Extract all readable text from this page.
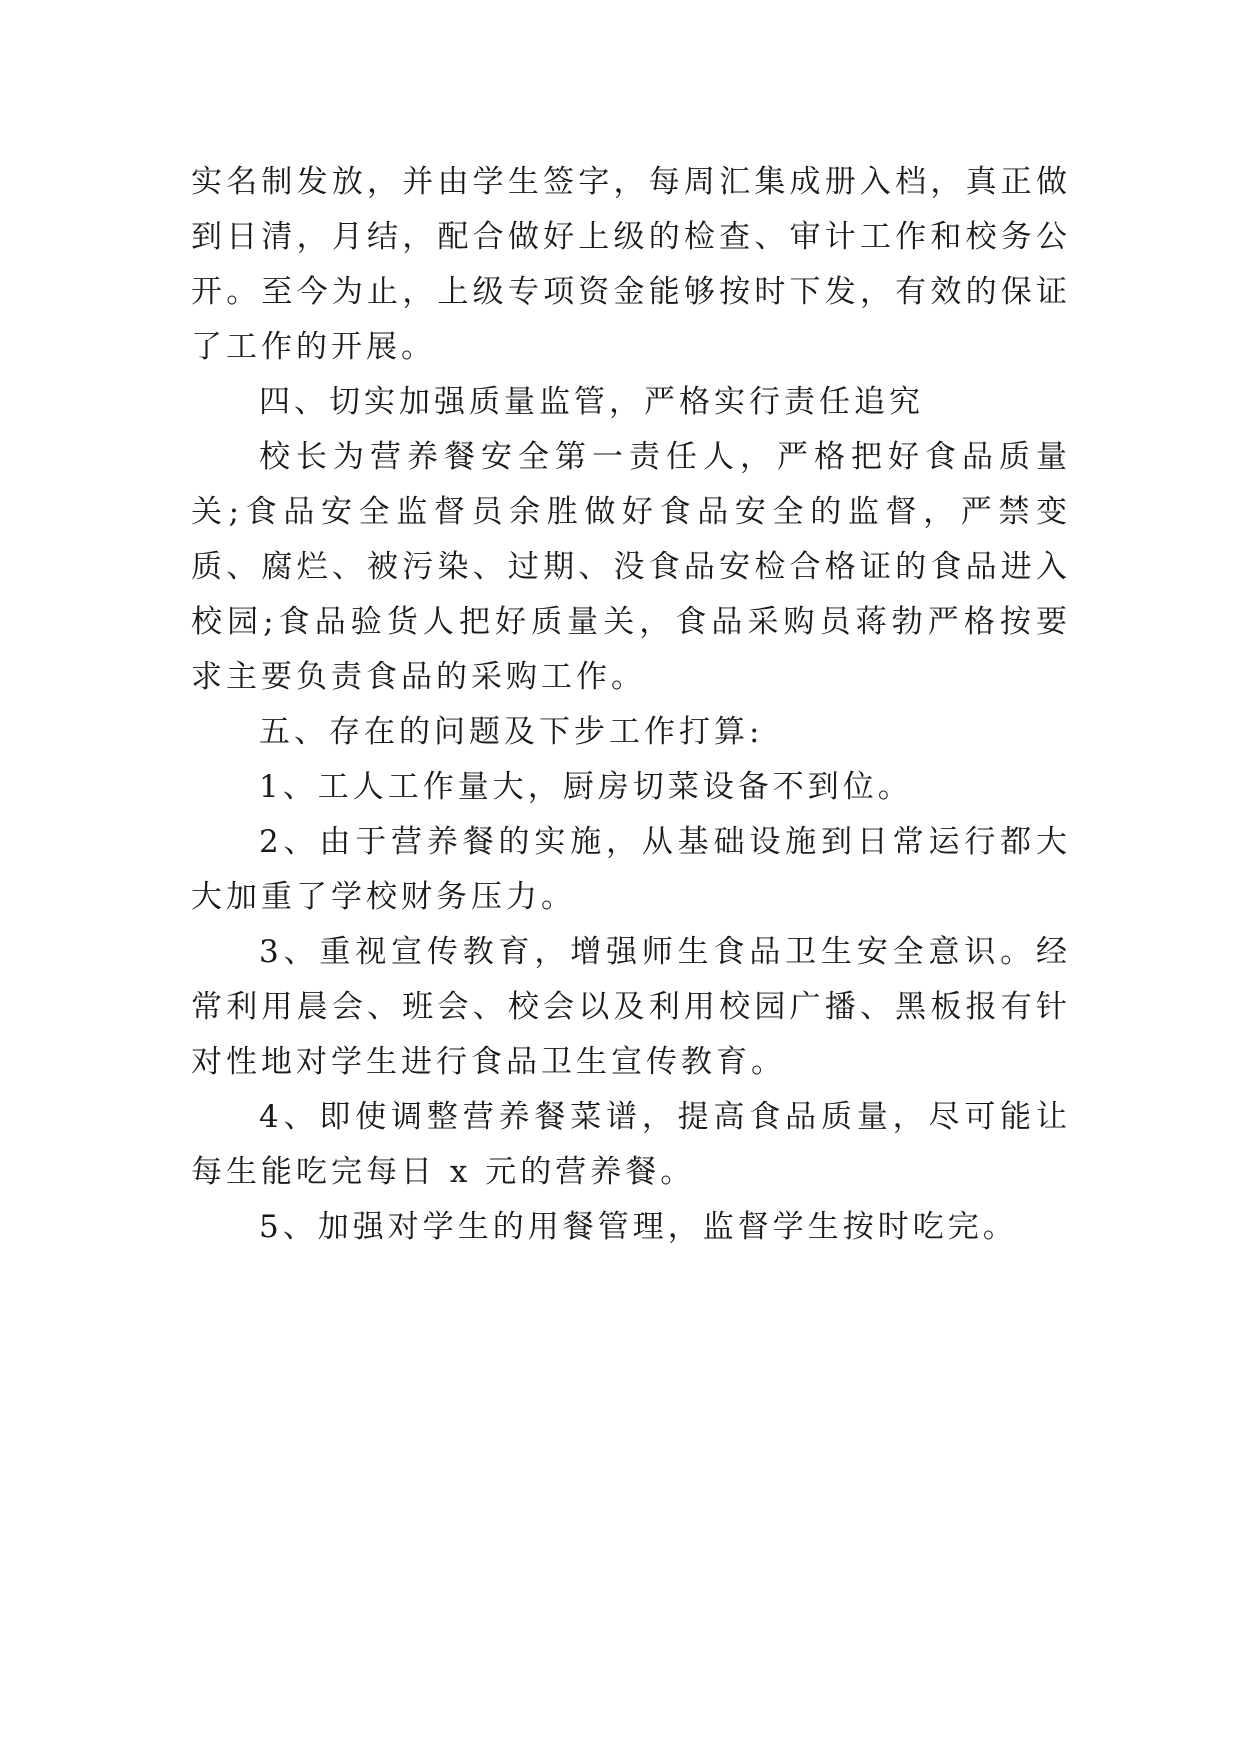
实名制发放，并由学生签字，每周汇集成册入档，真正做到日清，月结，配合做好上级的检查、审计工作和校务公开。至今为止，上级专项资金能够按时下发，有效的保证了工作的开展。

四、切实加强质量监管，严格实行责任追究

校长为营养餐安全第一责任人，严格把好食品质量关;食品安全监督员余胜做好食品安全的监督，严禁变质、腐烂、被污染、过期、没食品安检合格证的食品进入校园;食品验货人把好质量关，食品采购员蒋勃严格按要求主要负责食品的采购工作。

五、存在的问题及下步工作打算:

1、工人工作量大，厨房切菜设备不到位。

2、由于营养餐的实施，从基础设施到日常运行都大大加重了学校财务压力。

3、重视宣传教育，增强师生食品卫生安全意识。经常利用晨会、班会、校会以及利用校园广播、黑板报有针对性地对学生进行食品卫生宣传教育。

4、即使调整营养餐菜谱，提高食品质量，尽可能让每生能吃完每日 x 元的营养餐。

5、加强对学生的用餐管理，监督学生按时吃完。
